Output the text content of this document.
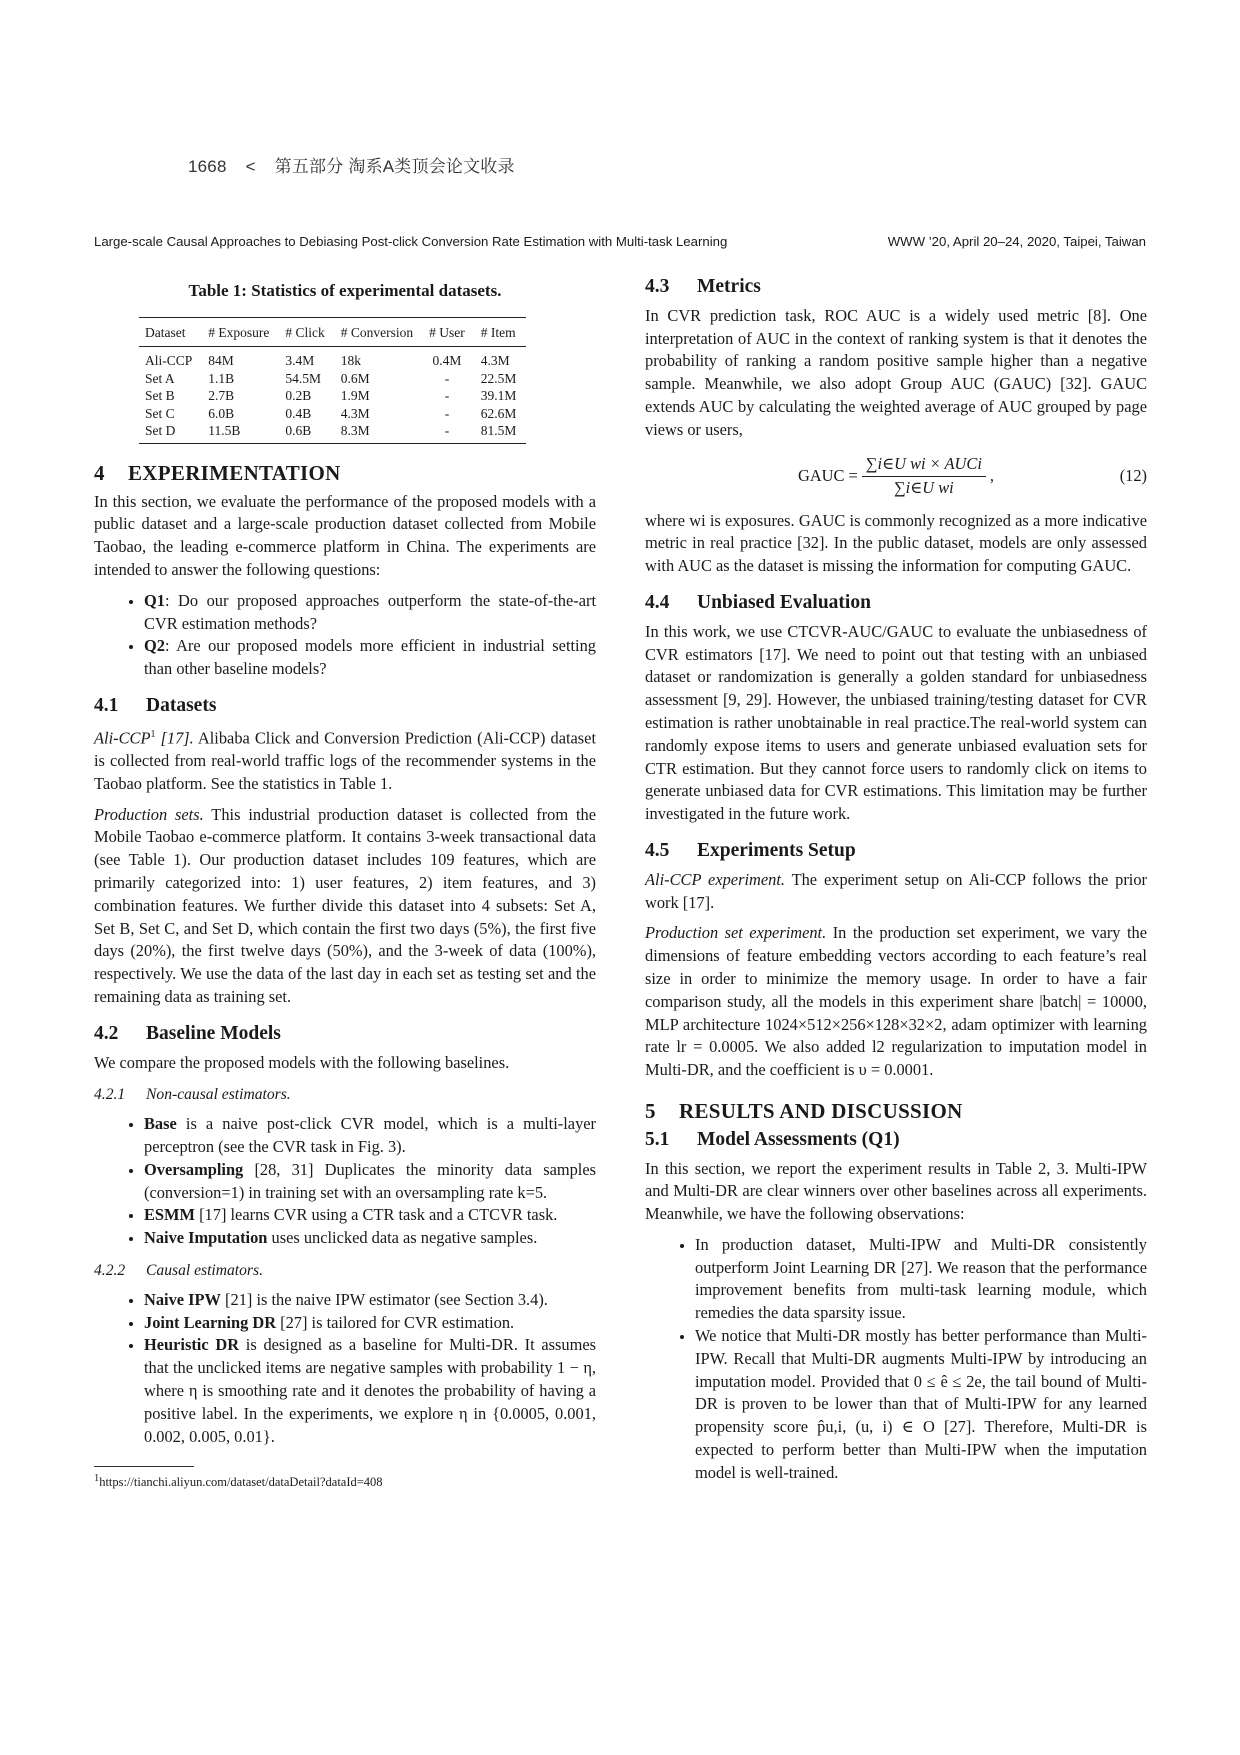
1668 < 第五部分 淘系A类顶会论文收录
Large-scale Causal Approaches to Debiasing Post-click Conversion Rate Estimation with Multi-task Learning	WWW ’20, April 20–24, 2020, Taipei, Taiwan
Table 1: Statistics of experimental datasets.
Dataset	# Exposure	# Click	# Conversion	# User	# Item
Ali-CCP	84M	3.4M	18k	0.4M	4.3M
Set A	1.1B	54.5M	0.6M	-	22.5M
Set B	2.7B	0.2B	1.9M	-	39.1M
Set C	6.0B	0.4B	4.3M	-	62.6M
Set D	11.5B	0.6B	8.3M	-	81.5M
4 EXPERIMENTATION

In this section, we evaluate the performance of the proposed models with a public dataset and a large-scale production dataset collected from Mobile Taobao, the leading e-commerce platform in China. The experiments are intended to answer the following questions:

• Q1: Do our proposed approaches outperform the state-of-the-art CVR estimation methods?
• Q2: Are our proposed models more efficient in industrial setting than other baseline models?
4.1 Datasets

Ali-CCP$^1$ [17]. Alibaba Click and Conversion Prediction (Ali-CCP) dataset is collected from real-world traffic logs of the recommender systems in the Taobao platform. See the statistics in Table 1.

Production sets. This industrial production dataset is collected from the Mobile Taobao e-commerce platform. It contains 3-week transactional data (see Table 1). Our production dataset includes 109 features, which are primarily categorized into: 1) user features, 2) item features, and 3) combination features. We further divide this dataset into 4 subsets: Set A, Set B, Set C, and Set D, which contain the first two days (5%), the first five days (20%), the first twelve days (50%), and the 3-week of data (100%), respectively. We use the data of the last day in each set as testing set and the remaining data as training set.

4.2 Baseline Models

We compare the proposed models with the following baselines.

4.2.1 Non-causal estimators.
• Base is a naive post-click CVR model, which is a multi-layer perceptron (see the CVR task in Fig. 3).
• Oversampling [28, 31] Duplicates the minority data samples (conversion=1) in training set with an oversampling rate k=5.
• ESMM [17] learns CVR using a CTR task and a CTCVR task.
• Naive Imputation uses unclicked data as negative samples.
4.2.2 Causal estimators.
• Naive IPW [21] is the naive IPW estimator (see Section 3.4).
• Joint Learning DR [27] is tailored for CVR estimation.
• Heuristic DR is designed as a baseline for Multi-DR. It assumes that the unclicked items are negative samples with probability 1 − η, where η is smoothing rate and it denotes the probability of having a positive label. In the experiments, we explore η in {0.0005, 0.001, 0.002, 0.005, 0.01}.
$^1$https://tianchi.aliyun.com/dataset/dataDetail?dataId=408
4.3 Metrics

In CVR prediction task, ROC AUC is a widely used metric [8]. One interpretation of AUC in the context of ranking system is that it denotes the probability of ranking a random positive sample higher than a negative sample. Meanwhile, we also adopt Group AUC (GAUC) [32]. GAUC extends AUC by calculating the weighted average of AUC grouped by page views or users,

GAUC = $\frac{\text{∑i∈U wi × AUCi}}{\text{∑i∈U wi}}$ ,	(12)

where wi is exposures. GAUC is commonly recognized as a more indicative metric in real practice [32]. In the public dataset, models are only assessed with AUC as the dataset is missing the information for computing GAUC.

4.4 Unbiased Evaluation

In this work, we use CTCVR-AUC/GAUC to evaluate the unbiasedness of CVR estimators [17]. We need to point out that testing with an unbiased dataset or randomization is generally a golden standard for unbiasedness assessment [9, 29]. However, the unbiased training/testing dataset for CVR estimation is rather unobtainable in real practice.The real-world system can randomly expose items to users and generate unbiased evaluation sets for CTR estimation. But they cannot force users to randomly click on items to generate unbiased data for CVR estimations. This limitation may be further investigated in the future work.

4.5 Experiments Setup

Ali-CCP experiment. The experiment setup on Ali-CCP follows the prior work [17].

Production set experiment. In the production set experiment, we vary the dimensions of feature embedding vectors according to each feature’s real size in order to minimize the memory usage. In order to have a fair comparison study, all the models in this experiment share |batch| = 10000, MLP architecture 1024×512×256×128×32×2, adam optimizer with learning rate lr = 0.0005. We also added l2 regularization to imputation model in Multi-DR, and the coefficient is υ = 0.0001.

5 RESULTS AND DISCUSSION
5.1 Model Assessments (Q1)

In this section, we report the experiment results in Table 2, 3. Multi-IPW and Multi-DR are clear winners over other baselines across all experiments. Meanwhile, we have the following observations:

• In production dataset, Multi-IPW and Multi-DR consistently outperform Joint Learning DR [27]. We reason that the performance improvement benefits from multi-task learning module, which remedies the data sparsity issue.
• We notice that Multi-DR mostly has better performance than Multi-IPW. Recall that Multi-DR augments Multi-IPW by introducing an imputation model. Provided that 0 ≤ ê ≤ 2e, the tail bound of Multi-DR is proven to be lower than that of Multi-IPW for any learned propensity score p̂u,i, (u, i) ∈ O [27]. Therefore, Multi-DR is expected to perform better than Multi-IPW when the imputation model is well-trained.
